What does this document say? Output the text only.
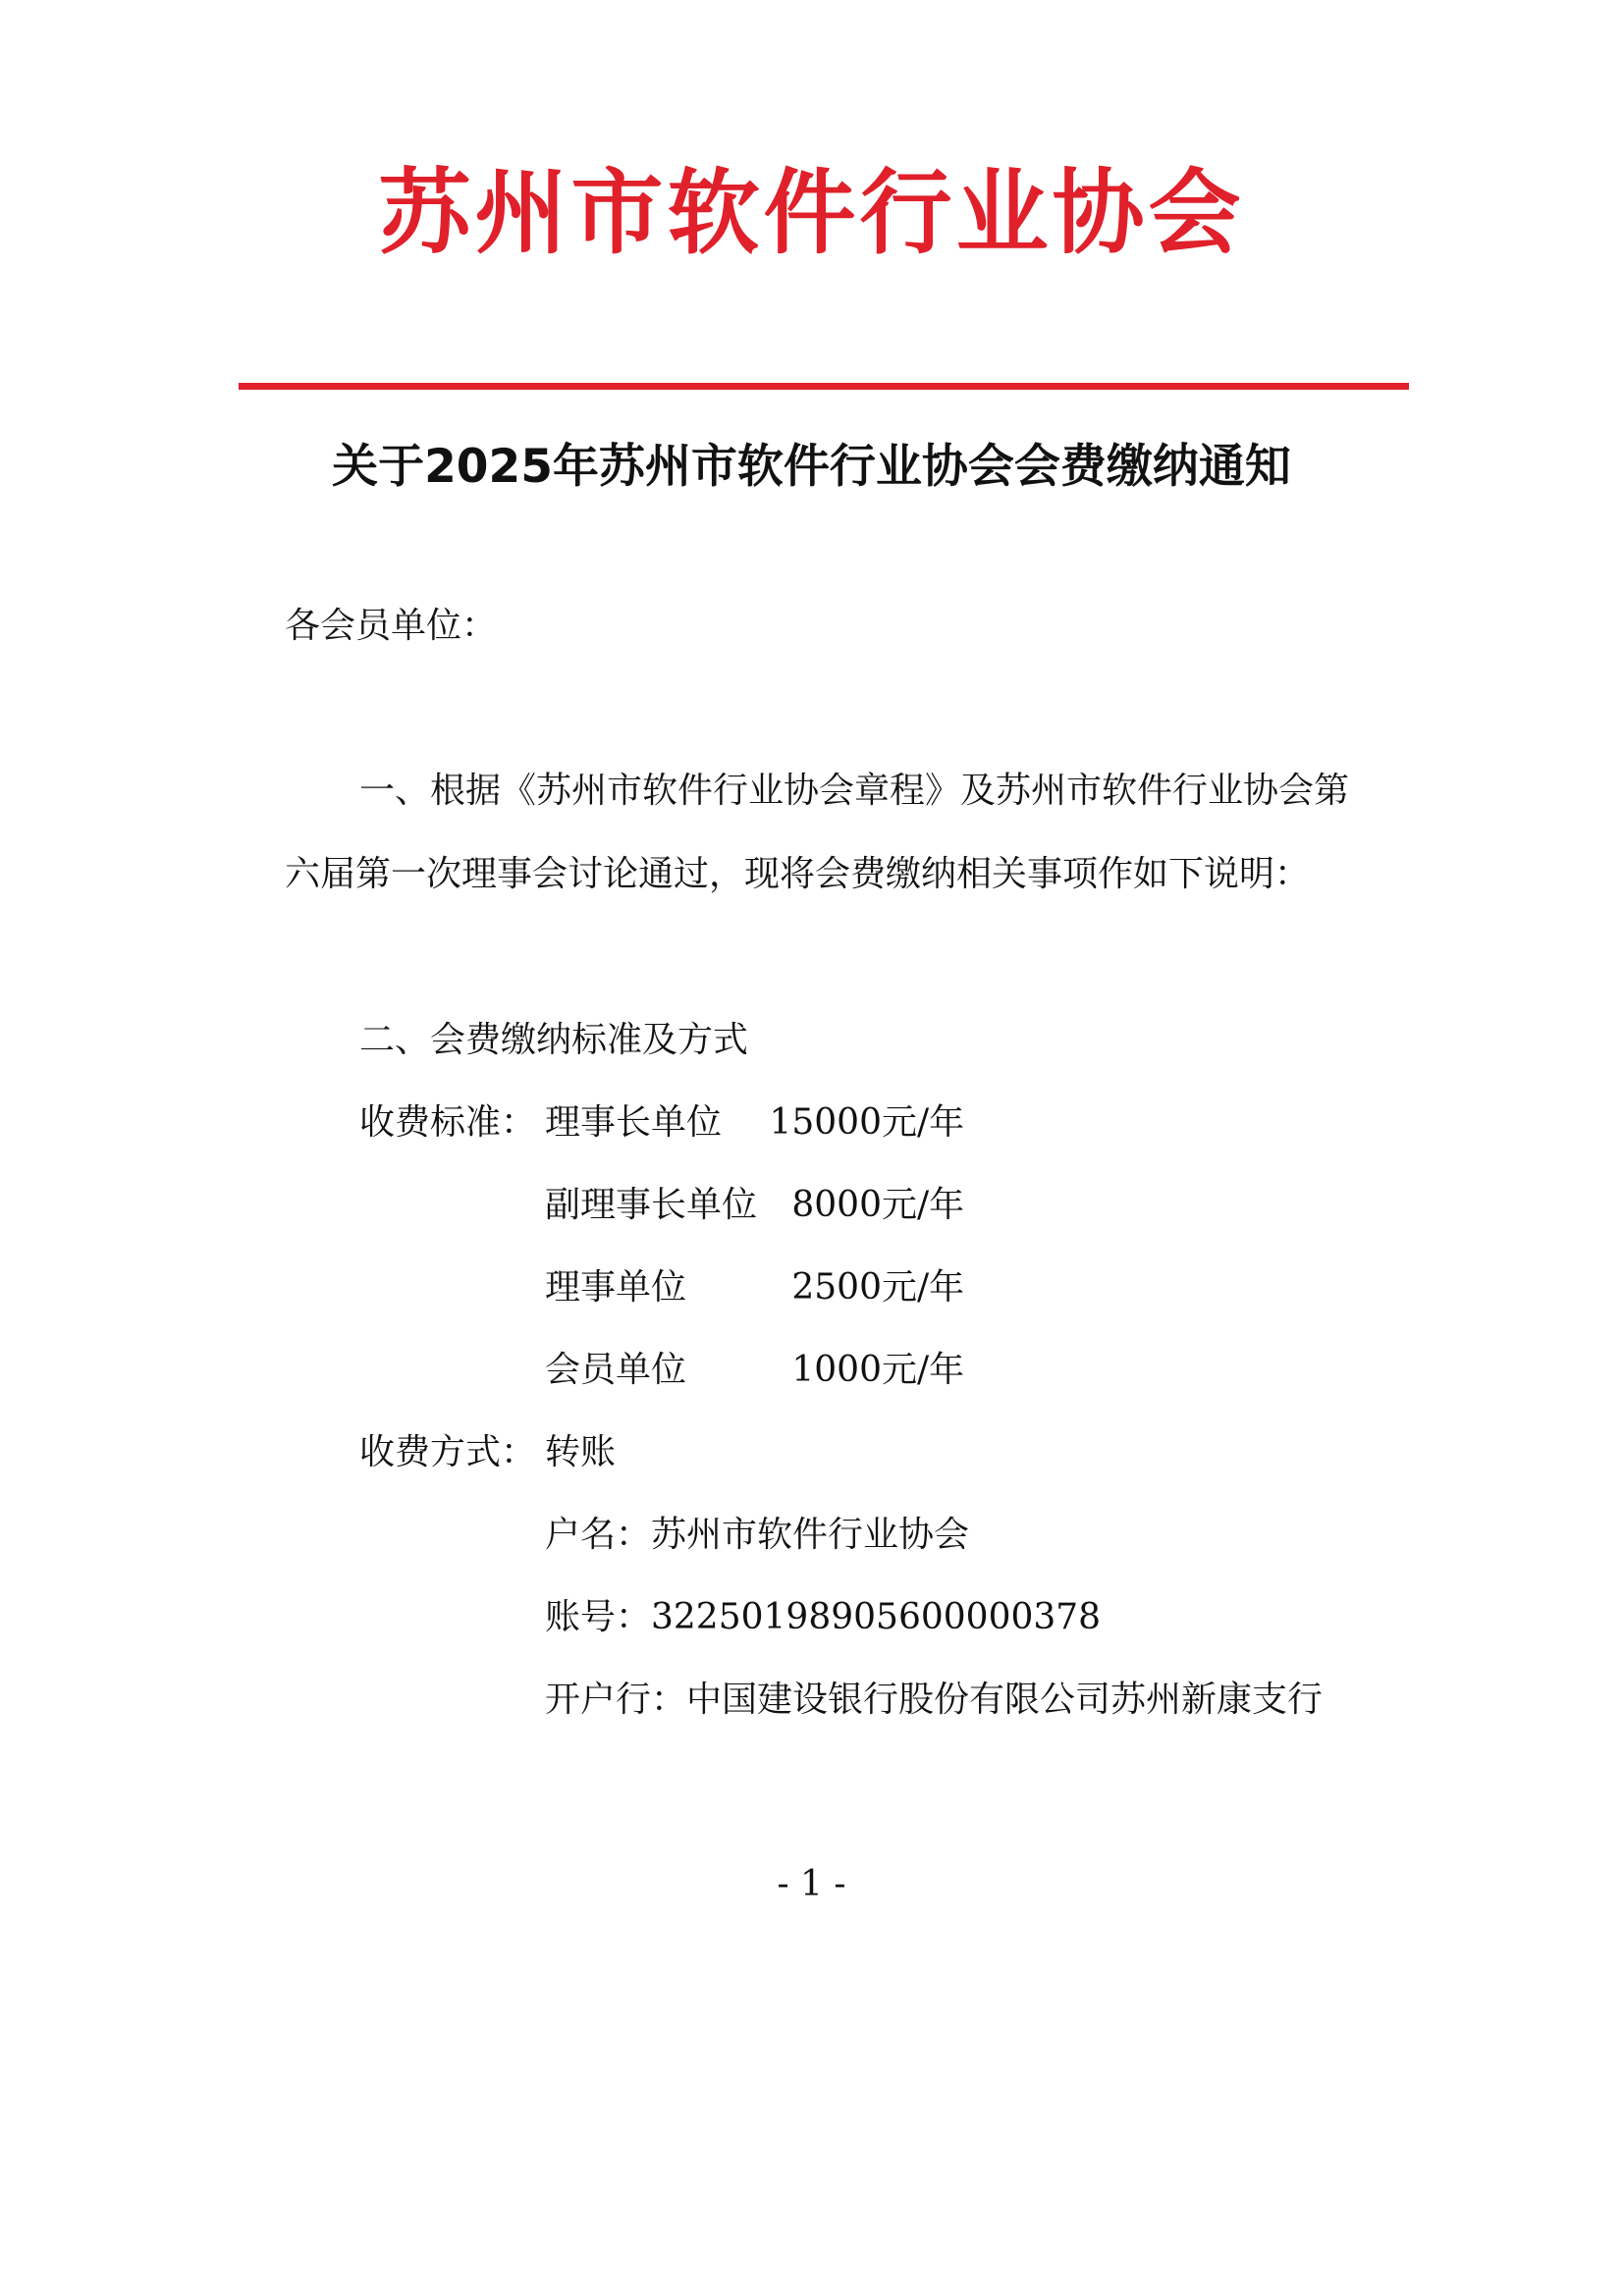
苏州市软件行业协会
关于2025年苏州市软件行业协会会费缴纳通知
各会员单位：
一、根据《苏州市软件行业协会章程》及苏州市软件行业协会第
六届第一次理事会讨论通过，现将会费缴纳相关事项作如下说明：
二、会费缴纳标准及方式
收费标准： 理事长单位 15000 元/年
副理事长单位 8000 元/年
理事单位	2500 元/年
会员单位	1000 元/年
收费方式： 转账
户名：苏州市软件行业协会
账号：32250198905600000378
开户行：中国建设银行股份有限公司苏州新康支行
- 1 -
